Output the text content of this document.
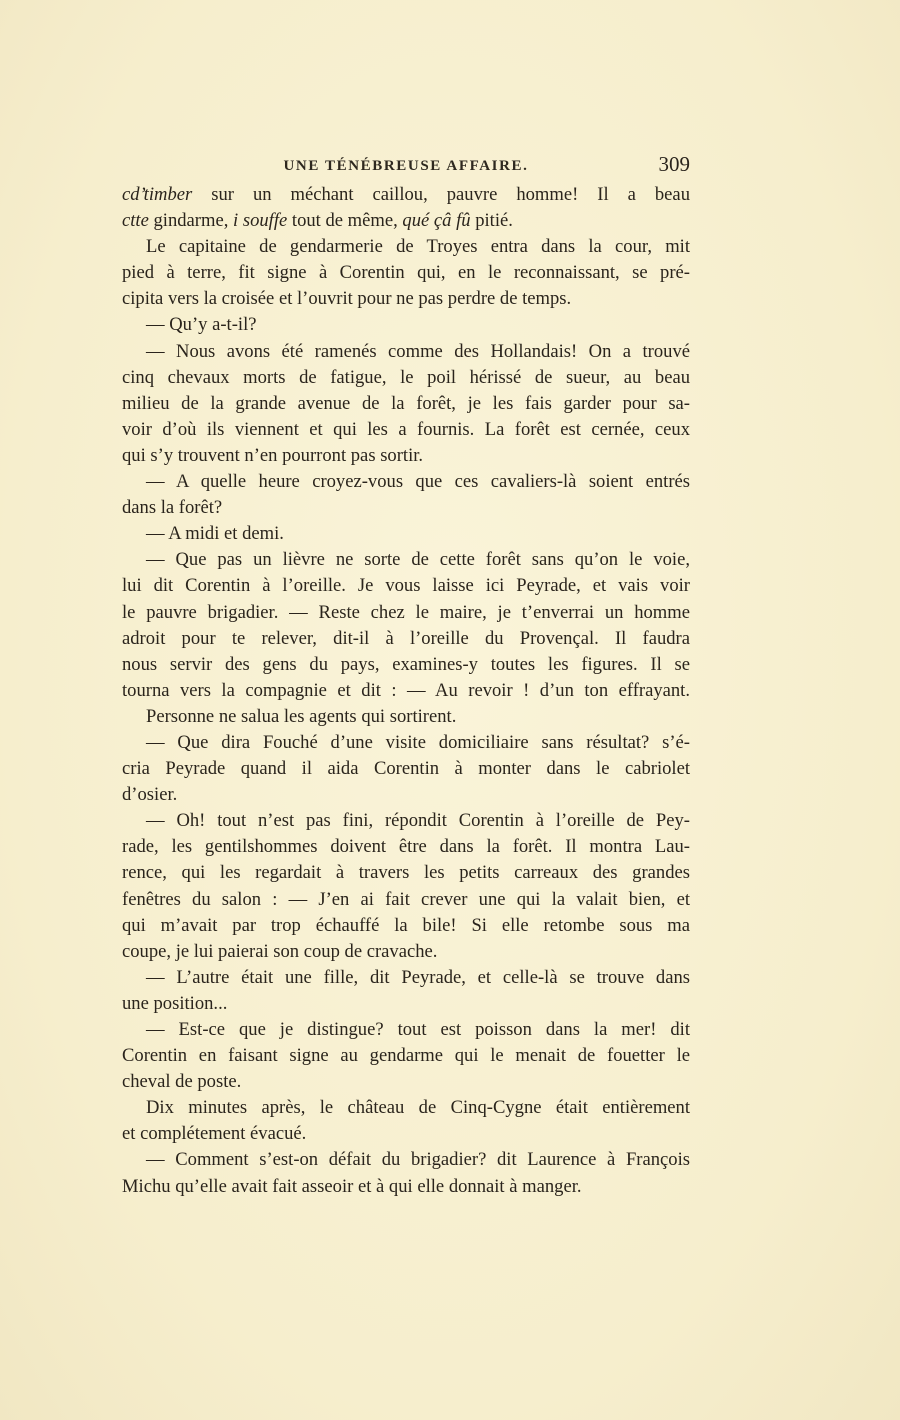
UNE TÉNÉBREUSE AFFAIRE.	309
cd’timber sur un méchant caillou, pauvre homme! Il a beau
ctte gindarme, i souffe tout de même, qué çâ fû pitié.
Le capitaine de gendarmerie de Troyes entra dans la cour, mit
pied à terre, fit signe à Corentin qui, en le reconnaissant, se pré-
cipita vers la croisée et l’ouvrit pour ne pas perdre de temps.
— Qu’y a-t-il?
— Nous avons été ramenés comme des Hollandais! On a trouvé
cinq chevaux morts de fatigue, le poil hérissé de sueur, au beau
milieu de la grande avenue de la forêt, je les fais garder pour sa-
voir d’où ils viennent et qui les a fournis. La forêt est cernée, ceux
qui s’y trouvent n’en pourront pas sortir.
— A quelle heure croyez-vous que ces cavaliers-là soient entrés
dans la forêt?
— A midi et demi.
— Que pas un lièvre ne sorte de cette forêt sans qu’on le voie,
lui dit Corentin à l’oreille. Je vous laisse ici Peyrade, et vais voir
le pauvre brigadier. — Reste chez le maire, je t’enverrai un homme
adroit pour te relever, dit-il à l’oreille du Provençal. Il faudra
nous servir des gens du pays, examines-y toutes les figures. Il se
tourna vers la compagnie et dit : — Au revoir ! d’un ton effrayant.
Personne ne salua les agents qui sortirent.
— Que dira Fouché d’une visite domiciliaire sans résultat? s’é-
cria Peyrade quand il aida Corentin à monter dans le cabriolet
d’osier.
— Oh! tout n’est pas fini, répondit Corentin à l’oreille de Pey-
rade, les gentilshommes doivent être dans la forêt. Il montra Lau-
rence, qui les regardait à travers les petits carreaux des grandes
fenêtres du salon : — J’en ai fait crever une qui la valait bien, et
qui m’avait par trop échauffé la bile! Si elle retombe sous ma
coupe, je lui paierai son coup de cravache.
— L’autre était une fille, dit Peyrade, et celle-là se trouve dans
une position...
— Est-ce que je distingue? tout est poisson dans la mer! dit
Corentin en faisant signe au gendarme qui le menait de fouetter le
cheval de poste.
Dix minutes après, le château de Cinq-Cygne était entièrement
et complétement évacué.
— Comment s’est-on défait du brigadier? dit Laurence à François
Michu qu’elle avait fait asseoir et à qui elle donnait à manger.
